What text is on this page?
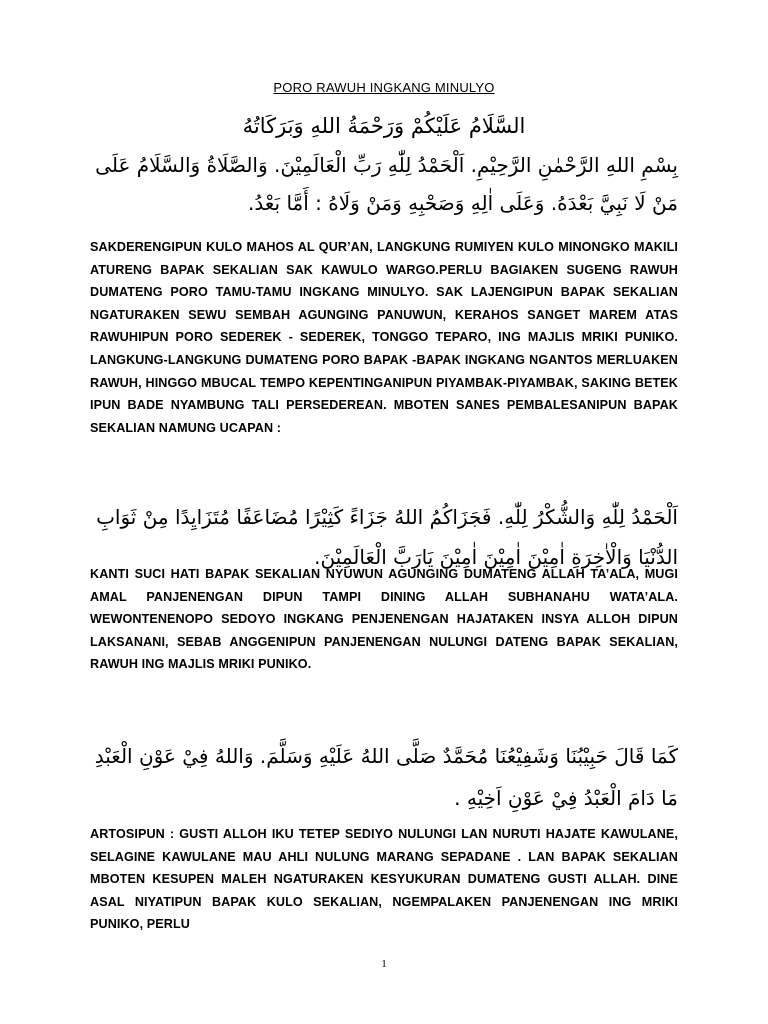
PORO RAWUH INGKANG MINULYO
السَّلَامُ عَلَيْكُمْ وَرَحْمَةُ اللهِ وَبَرَكَاتُهُ
بِسْمِ اللهِ الرَّحْمٰنِ الرَّحِيْمِ. اَلْحَمْدُ لِلّٰهِ رَبِّ الْعَالَمِيْنَ. وَالصَّلَاةُ وَالسَّلَامُ عَلَى مَنْ لَا نَبِيَّ بَعْدَهُ. وَعَلَى اٰلِهِ وَصَحْبِهِ وَمَنْ وَلَاهُ : أَمَّا بَعْدُ.

SAKDERENGIPUN KULO MAHOS AL QUR’AN, LANGKUNG RUMIYEN KULO MINONGKO MAKILI ATURENG BAPAK SEKALIAN SAK KAWULO WARGO.PERLU BAGIAKEN SUGENG RAWUH DUMATENG PORO TAMU-TAMU INGKANG MINULYO. SAK LAJENGIPUN BAPAK SEKALIAN NGATURAKEN SEWU SEMBAH AGUNGING PANUWUN, KERAHOS SANGET MAREM ATAS RAWUHIPUN PORO SEDEREK - SEDEREK, TONGGO TEPARO, ING MAJLIS MRIKI PUNIKO. LANGKUNG-LANGKUNG DUMATENG PORO BAPAK -BAPAK INGKANG NGANTOS MERLUAKEN RAWUH, HINGGO MBUCAL TEMPO KEPENTINGANIPUN PIYAMBAK-PIYAMBAK, SAKING BETEK IPUN BADE NYAMBUNG TALI PERSEDEREAN. MBOTEN SANES PEMBALESANIPUN BAPAK SEKALIAN NAMUNG UCAPAN :

اَلْحَمْدُ لِلّٰهِ وَالشُّكْرُ لِلّٰهِ. فَجَزَاكُمُ اللهُ جَزَاءً كَثِيْرًا مُضَاعَفًا مُتَزَايِدًا مِنْ ثَوَابِ الدُّنْيَا وَالْاٰخِرَةِ اٰمِيْنَ اٰمِيْنَ اٰمِيْنَ يَارَبَّ الْعَالَمِيْنَ.

KANTI SUCI HATI BAPAK SEKALIAN NYUWUN AGUNGING DUMATENG ALLAH TA’ALA, MUGI AMAL PANJENENGAN DIPUN TAMPI DINING ALLAH SUBHANAHU WATA’ALA. WEWONTENENOPO SEDOYO INGKANG PENJENENGAN HAJATAKEN INSYA ALLOH DIPUN LAKSANANI, SEBAB ANGGENIPUN PANJENENGAN NULUNGI DATENG BAPAK SEKALIAN, RAWUH ING MAJLIS MRIKI PUNIKO.

كَمَا قَالَ حَبِيْبُنَا وَشَفِيْعُنَا مُحَمَّدٌ صَلَّى اللهُ عَلَيْهِ وَسَلَّمَ. وَاللهُ فِيْ عَوْنِ الْعَبْدِ مَا دَامَ الْعَبْدُ فِيْ عَوْنِ اَخِيْهِ .

ARTOSIPUN : GUSTI ALLOH IKU TETEP SEDIYO NULUNGI LAN NURUTI HAJATE KAWULANE, SELAGINE KAWULANE MAU AHLI NULUNG MARANG SEPADANE . LAN BAPAK SEKALIAN MBOTEN KESUPEN MALEH NGATURAKEN KESYUKURAN DUMATENG GUSTI ALLAH. DINE ASAL NIYATIPUN BAPAK KULO SEKALIAN, NGEMPALAKEN PANJENENGAN ING MRIKI PUNIKO, PERLU

1
